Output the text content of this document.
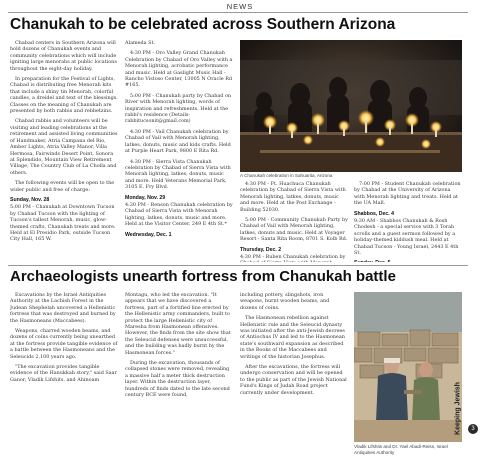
NEWS
Chanukah to be celebrated across Southern Arizona

Chabad centers in Southern Arizona will hold dozens of Chanukah events and community celebrations which will include igniting large menorahs at public locations throughout the eight-day holiday.

In preparation for the Festival of Lights, Chabad is distributing free Menorah kits that include a shiny tin Menorah, colorful candles, a dreidel and text of the blessings. Classes on the meaning of Chanukah are presented by both rabbis and rebbetzins.

Chabad rabbis and volunteers will be visiting and leading celebrations at the retirement and assisted living communities of Handmaker, Atria Campana del Rio, Amber Lights, Atria Valley Manor, Villa Hermosa, Fairwinds Desert Point, Sonora at Splendido, Mountain View Retirement Village, The Country Club of La Cholla and others.

The following events will be open to the wider public and free of charge:

Sunday, Nov. 28

5:00 PM - Chanukah at Downtown Tucson by Chabad Tucson with the lighting of Tucson's tallest Menorah, music, glow-themed crafts, Chanukah treats and more. Held at El Presidio Park, outside Tucson City Hall, 165 W.

Alameda St.

4:30 PM - Oro Valley Grand Chanukah Celebration by Chabad of Oro Valley with a Menorah lighting, acrobatic performance and music. Held at Gaslight Music Hall - Rancho Vistoso Center, 13005 N Oracle Rd #165.

5:00 PM - Chanukah party by Chabad on River with Menorah lighting, words of inspiration and refreshments. Held at the rabbi's residence (Details- rabbitucsonit@gmail.com)

4:30 PM - Vail Chanukah celebration by Chabad of Vail with Menorah lighting, latkes, donuts, music and kids crafts. Held at Purple Heart Park, 9800 E Rita Rd.

4:30 PM - Sierra Vista Chanukah celebration by Chabad of Sierra Vista with Menorah lighting, latkes, donuts, music and more. Held Veterans Memorial Park, 3105 E. Fry Blvd.

Monday, Nov. 29

4:30 PM - Benson Chanukah celebration by Chabad of Sierra Vista with Menorah lighting, latkes, donuts, music and more. Held at the Visitor Center, 249 E 4th St.*

Wednesday, Dec. 1
A Chanukah celebration in Sahuarita, Arizona

4:30 PM - Ft. Huachuca Chanukah celebration by Chabad of Sierra Vista with Menorah lighting, latkes, donuts, music and more. Held at the Post Exchange - Building 52030.

5:00 PM - Community Chanukah Party by Chabad of Vail with Menorah lighting, latkes, donuts and music. Held at Voyager Resort - Santa Rita Room, 8701 S. Kolb Rd.

Thursday, Dec. 2

4:30 PM - Ruben Chanukah celebration by

7:00 PM - Student Chanukah celebration by Chabad at the University of Arizona with Menorah lighting and treats. Held at the UA Mall.

Shabbos, Dec. 4

9:30 AM - Shabbos Chanukah & Rosh Chodesh - a special service with 3 Torah scrolls and a guest sermon followed by a holiday-themed kiddush meal. Held at Chabad Tucson - Young Israel, 2443 E 4th St.

Archaeologists unearth fortress from Chanukah battle

Excavations by the Israel Antiquities Authority at the Lachish Forest in the Judean Shephelah uncovered a Hellenistic fortress that was destroyed and burned by the Hasmoneans (Maccabees).

Weapons, charred wooden beams, and dozens of coins currently being unearthed at the fortress provide tangible evidence of a battle between the Hasmoneans and the Seleucids 2,100 years ago.

"The excavation provides tangible evidence of the Hanukkah story," said Saar Ganor, Vladik Lifshits, and Ahinoam

Montagu, who led the excavation. "It appears that we have discovered a fortress, part of a fortified line erected by the Hellenistic army commanders, built to protect the large Hellenistic city of Maresha from Hasmonean offensives. However, the finds from the site show that the Seleucid defenses were unsuccessful, and the building was badly burnt by the Hasmonean forces."

During the excavation, thousands of collapsed stones were removed, revealing a massive half a meter thick destruction layer. Within the destruction layer, hundreds of finds dated to the late second century BCE were found,

including pottery, slingshots, iron weapons, burnt wooden beams, and dozens of coins.

The Hasmonean rebellion against Hellenistic rule and the Seleucid dynasty was initiated after the anti-Jewish decrees of Antiochus IV and led to the Hasmonean state's southward expansion as described in the Books of the Maccabees and writings of the historian Josephus.

After the excavations, the fortress will undergo conservation and will be opened to the public as part of the Jewish National Fund's Kings of Judah Road project currently under development.

Vladik Lifshits and Dr. Yael Abadi-Reiss, Israel Antiquities Authority
Keeping Jewish	3
